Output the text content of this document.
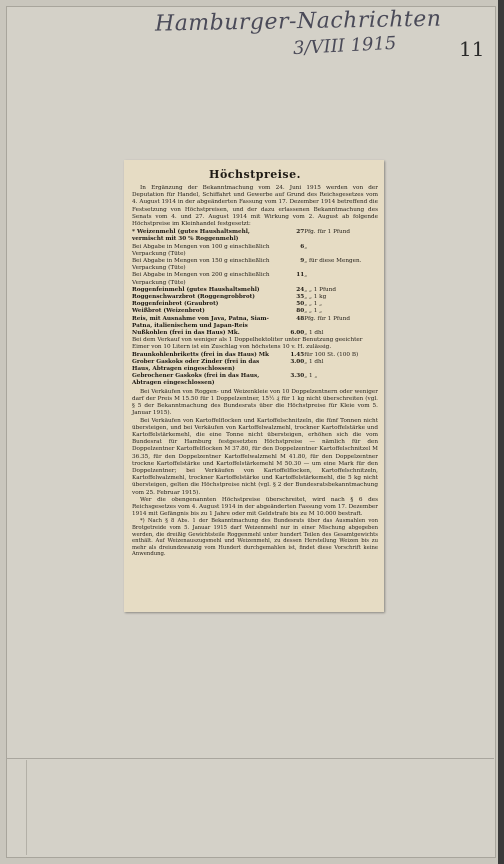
Hamburger-Nachrichten
3/VIII 1915	11
Höchstpreise.

In Ergänzung der Bekanntmachung vom 24. Juni 1915 werden von der Deputation für Handel, Schiffahrt und Gewerbe auf Grund des Reichsgesetzes vom 4. August 1914 in der abgeänderten Fassung vom 17. Dezember 1914 betreffend die Festsetzung von Höchstpreisen, und der dazu erlassenen Bekanntmachung des Senats vom 4. und 27. August 1914 mit Wirkung vom 2. August ab folgende Höchstpreise im Kleinhandel festgesetzt:

* Weizenmehl (gutes Haushaltsmehl, vermischt mit 30 % Roggenmehl)	27	Pfg. für 1 Pfund
Bei Abgabe in Mengen von 100 g einschließlich Verpackung (Tüte)	6	„
Bei Abgabe in Mengen von 150 g einschließlich Verpackung (Tüte)	9	„ für diese Mengen.
Bei Abgabe in Mengen von 200 g einschließlich Verpackung (Tüte)	11	„
Roggenfeinmehl (gutes Haushaltsmehl)	24	„ „ 1 Pfund
Roggenschwarzbrot (Roggengrobbrot)	35	„ „ 1 kg
Roggenfeinbrot (Graubrot)	50	„ „ 1 „
Weißbrot (Weizenbrot)	80	„ „ 1 „
Reis, mit Ausnahme von Java, Patna, Siam-Patna, italienischem und Japan-Reis	48	Pfg. für 1 Pfund
Nußkohlen (frei in das Haus) Mk.	6.00	„ 1 dhl
Bei dem Verkauf von weniger als 1 Doppelhektoliter unter Benutzung geeichter Eimer von 10 Litern ist ein Zuschlag von höchstens 10 v. H. zulässig.		
Braunkohlenbriketts (frei in das Haus) Mk	1.45	für 100 St. (100 B)
Grober Gaskoks oder Zinder (frei in das Haus, Abtragen eingeschlossen)	3.00	„ 1 dhl
Gebrochener Gaskoks (frei in das Haus, Abtragen eingeschlossen)	3.30	„ 1 „

Bei Verkäufen von Roggen- und Weizenkleie von 10 Doppelzentnern oder weniger darf der Preis M 15.50 für 1 Doppelzentner, 15½ ₰ für 1 kg nicht überschreiten (vgl. § 5 der Bekanntmachung des Bundesrats über die Höchstpreise für Kleie vom 5. Januar 1915).

Bei Verkäufen von Kartoffelflocken und Kartoffelschnitzeln, die fünf Tonnen nicht übersteigen, und bei Verkäufen von Kartoffelwalzmehl, trockner Kartoffelstärke und Kartoffelstärkemehl, die eine Tonne nicht übersteigen, erhöhen sich die vom Bundesrat für Hamburg festgesetzten Höchstpreise — nämlich für den Doppelzentner Kartoffelflocken M 37.80, für den Doppelzentner Kartoffelschnitzel M 36.35, für den Doppelzentner Kartoffelwalzmehl M 41.80, für den Doppelzentner trockne Kartoffelstärke und Kartoffelstärkemehl M 50.30 — um eine Mark für den Doppelzentner; bei Verkäufen von Kartoffelflocken, Kartoffelschnitzeln, Kartoffelwalzmehl, trockner Kartoffelstärke und Kartoffelstärkemehl, die 5 kg nicht übersteigen, gelten die Höchstpreise nicht (vgl. § 2 der Bundesratsbekanntmachung vom 25. Februar 1915).

Wer die obengenannten Höchstpreise überschreitet, wird nach § 6 des Reichsgesetzes vom 4. August 1914 in der abgeänderten Fassung vom 17. Dezember 1914 mit Gefängnis bis zu 1 Jahre oder mit Geldstrafe bis zu M 10.000 bestraft.

*) Nach § 8 Abs. 1 der Bekanntmachung des Bundesrats über das Ausmahlen von Brotgetreide vom 5. Januar 1915 darf Weizenmehl nur in einer Mischung abgegeben werden, die dreißig Gewichtsteile Roggenmehl unter hundert Teilen des Gesamtgewichts enthält. Auf Weizenauszugsmehl und Weizenmehl, zu dessen Herstellung Weizen bis zu mehr als dreiundzwanzig vom Hundert durchgemahlen ist, findet diese Vorschrift keine Anwendung.
